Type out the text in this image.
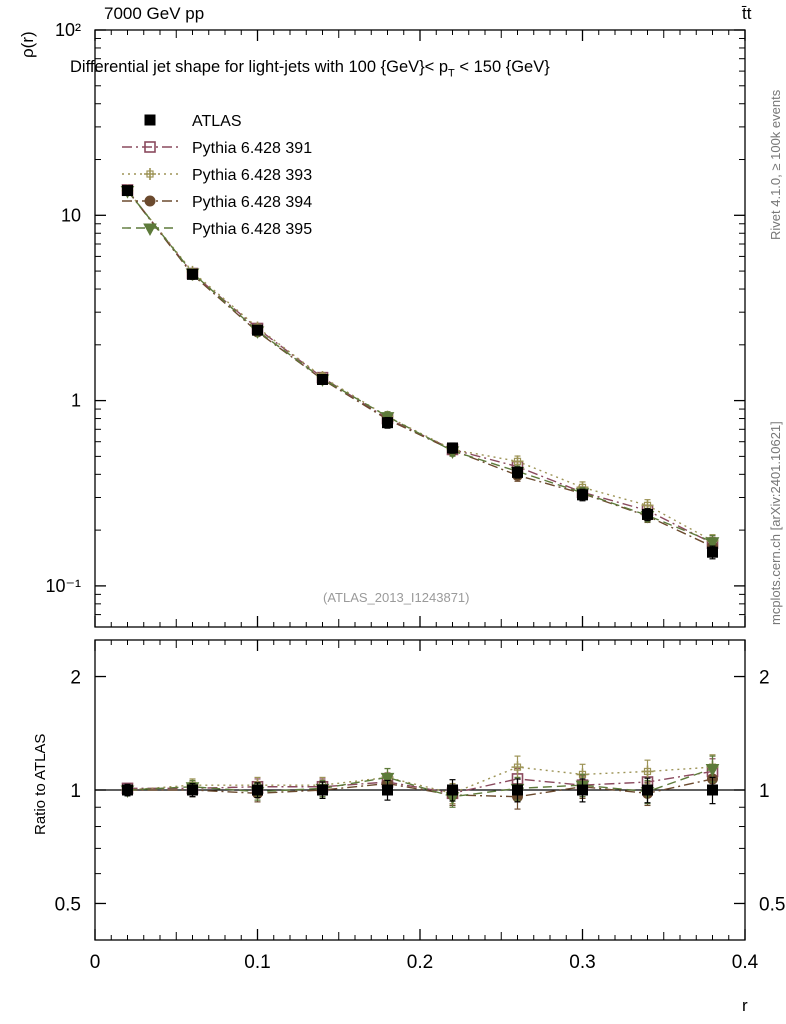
7000 GeV pp	t̄t
ρ(r)
Differential jet shape for light-jets with 100 $\{GeV\}< p_T < 150$ {GeV}
Rivet 4.1.0, ≥ 100k events
mcplots.cern.ch [arXiv:2401.10621]
(ATLAS_2013_I1243871)
Ratio to ATLAS
r
10⁻¹
1
10
10²
0.5	0.5
1	1
2	2
0	0.1	0.2	0.3	0.4
ATLAS
Pythia 6.428 391
Pythia 6.428 393
Pythia 6.428 394
Pythia 6.428 395
